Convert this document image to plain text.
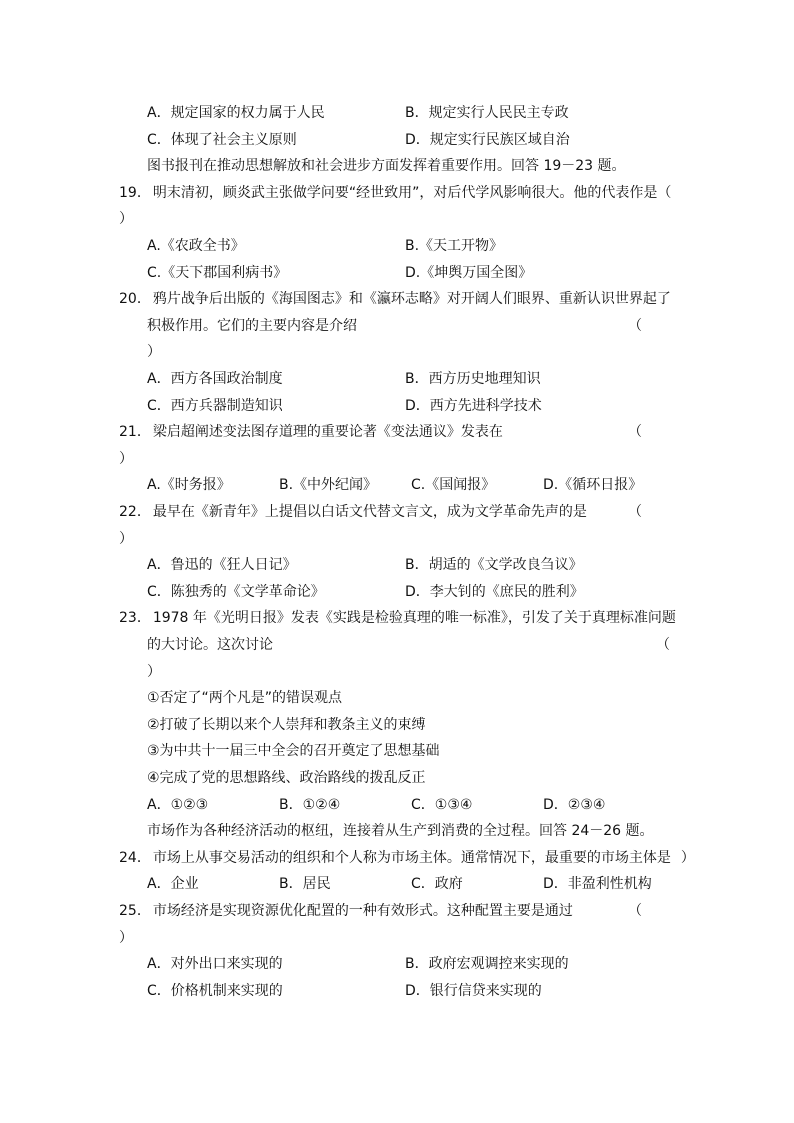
A．规定国家的权力属于人民	B．规定实行人民民主专政
C．体现了社会主义原则	D．规定实行民族区域自治
图书报刊在推动思想解放和社会进步方面发挥着重要作用。回答 19－23 题。
19． 明末清初，顾炎武主张做学问要“经世致用”，对后代学风影响很大。他的代表作是（
）
A.《农政全书》	B.《天工开物》
C.《天下郡国利病书》	D.《坤舆万国全图》
20． 鸦片战争后出版的《海国图志》和《瀛环志略》对开阔人们眼界、重新认识世界起了
积极作用。它们的主要内容是介绍	（
）
A．西方各国政治制度	B．西方历史地理知识
C．西方兵器制造知识	D．西方先进科学技术
21． 梁启超阐述变法图存道理的重要论著《变法通议》发表在	（
）
A.《时务报》	B.《中外纪闻》	C.《国闻报》	D.《循环日报》
22． 最早在《新青年》上提倡以白话文代替文言文，成为文学革命先声的是	（
）
A．鲁迅的《狂人日记》	B．胡适的《文学改良刍议》
C．陈独秀的《文学革命论》	D．李大钊的《庶民的胜利》
23． 1978 年《光明日报》发表《实践是检验真理的唯一标准》，引发了关于真理标准问题
的大讨论。这次讨论	（
）
①否定了“两个凡是”的错误观点
②打破了长期以来个人崇拜和教条主义的束缚
③为中共十一届三中全会的召开奠定了思想基础
④完成了党的思想路线、政治路线的拨乱反正
A．①②③	B．①②④	C．①③④	D．②③④
市场作为各种经济活动的枢纽，连接着从生产到消费的全过程。回答 24－26 题。
24． 市场上从事交易活动的组织和个人称为市场主体。通常情况下，最重要的市场主体是 ）
A．企业	B．居民	C．政府	D．非盈利性机构
25． 市场经济是实现资源优化配置的一种有效形式。这种配置主要是通过	（
）
A．对外出口来实现的	B．政府宏观调控来实现的
C．价格机制来实现的	D．银行信贷来实现的
